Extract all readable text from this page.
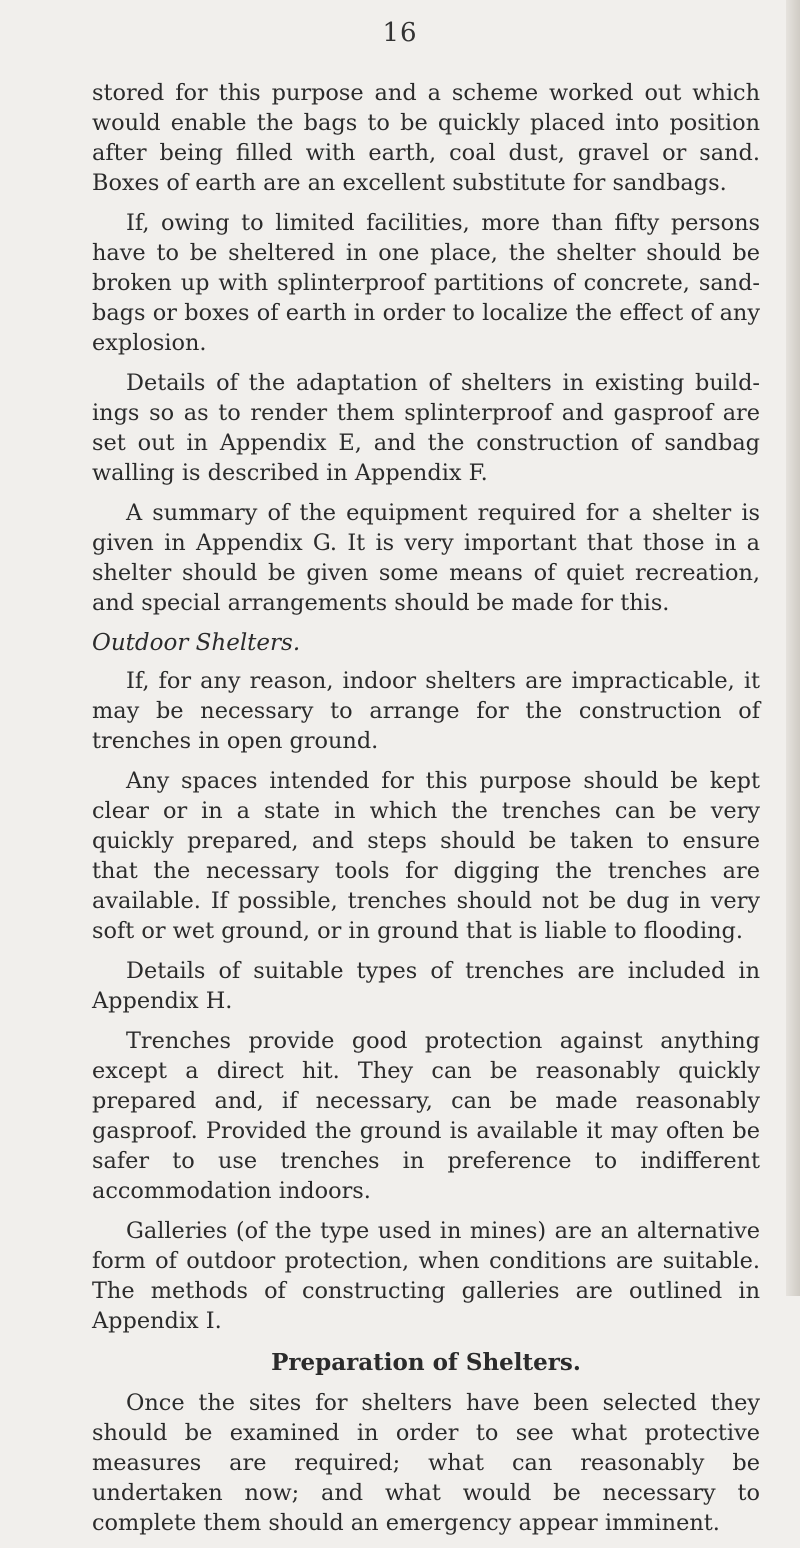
16

stored for this purpose and a scheme worked out which would enable the bags to be quickly placed into position after being filled with earth, coal dust, gravel or sand. Boxes of earth are an excellent substitute for sandbags.

If, owing to limited facilities, more than fifty persons have to be sheltered in one place, the shelter should be broken up with splinterproof partitions of concrete, sand-bags or boxes of earth in order to localize the effect of any explosion.

Details of the adaptation of shelters in existing build-ings so as to render them splinterproof and gasproof are set out in Appendix E, and the construction of sandbag walling is described in Appendix F.

A summary of the equipment required for a shelter is given in Appendix G. It is very important that those in a shelter should be given some means of quiet recreation, and special arrangements should be made for this.

Outdoor Shelters.

If, for any reason, indoor shelters are impracticable, it may be necessary to arrange for the construction of trenches in open ground.

Any spaces intended for this purpose should be kept clear or in a state in which the trenches can be very quickly prepared, and steps should be taken to ensure that the necessary tools for digging the trenches are available. If possible, trenches should not be dug in very soft or wet ground, or in ground that is liable to flooding.

Details of suitable types of trenches are included in Appendix H.

Trenches provide good protection against anything except a direct hit. They can be reasonably quickly prepared and, if necessary, can be made reasonably gasproof. Provided the ground is available it may often be safer to use trenches in preference to indifferent accommodation indoors.

Galleries (of the type used in mines) are an alternative form of outdoor protection, when conditions are suitable. The methods of constructing galleries are outlined in Appendix I.

Preparation of Shelters.

Once the sites for shelters have been selected they should be examined in order to see what protective measures are required; what can reasonably be undertaken now; and what would be necessary to complete them should an emergency appear imminent.
